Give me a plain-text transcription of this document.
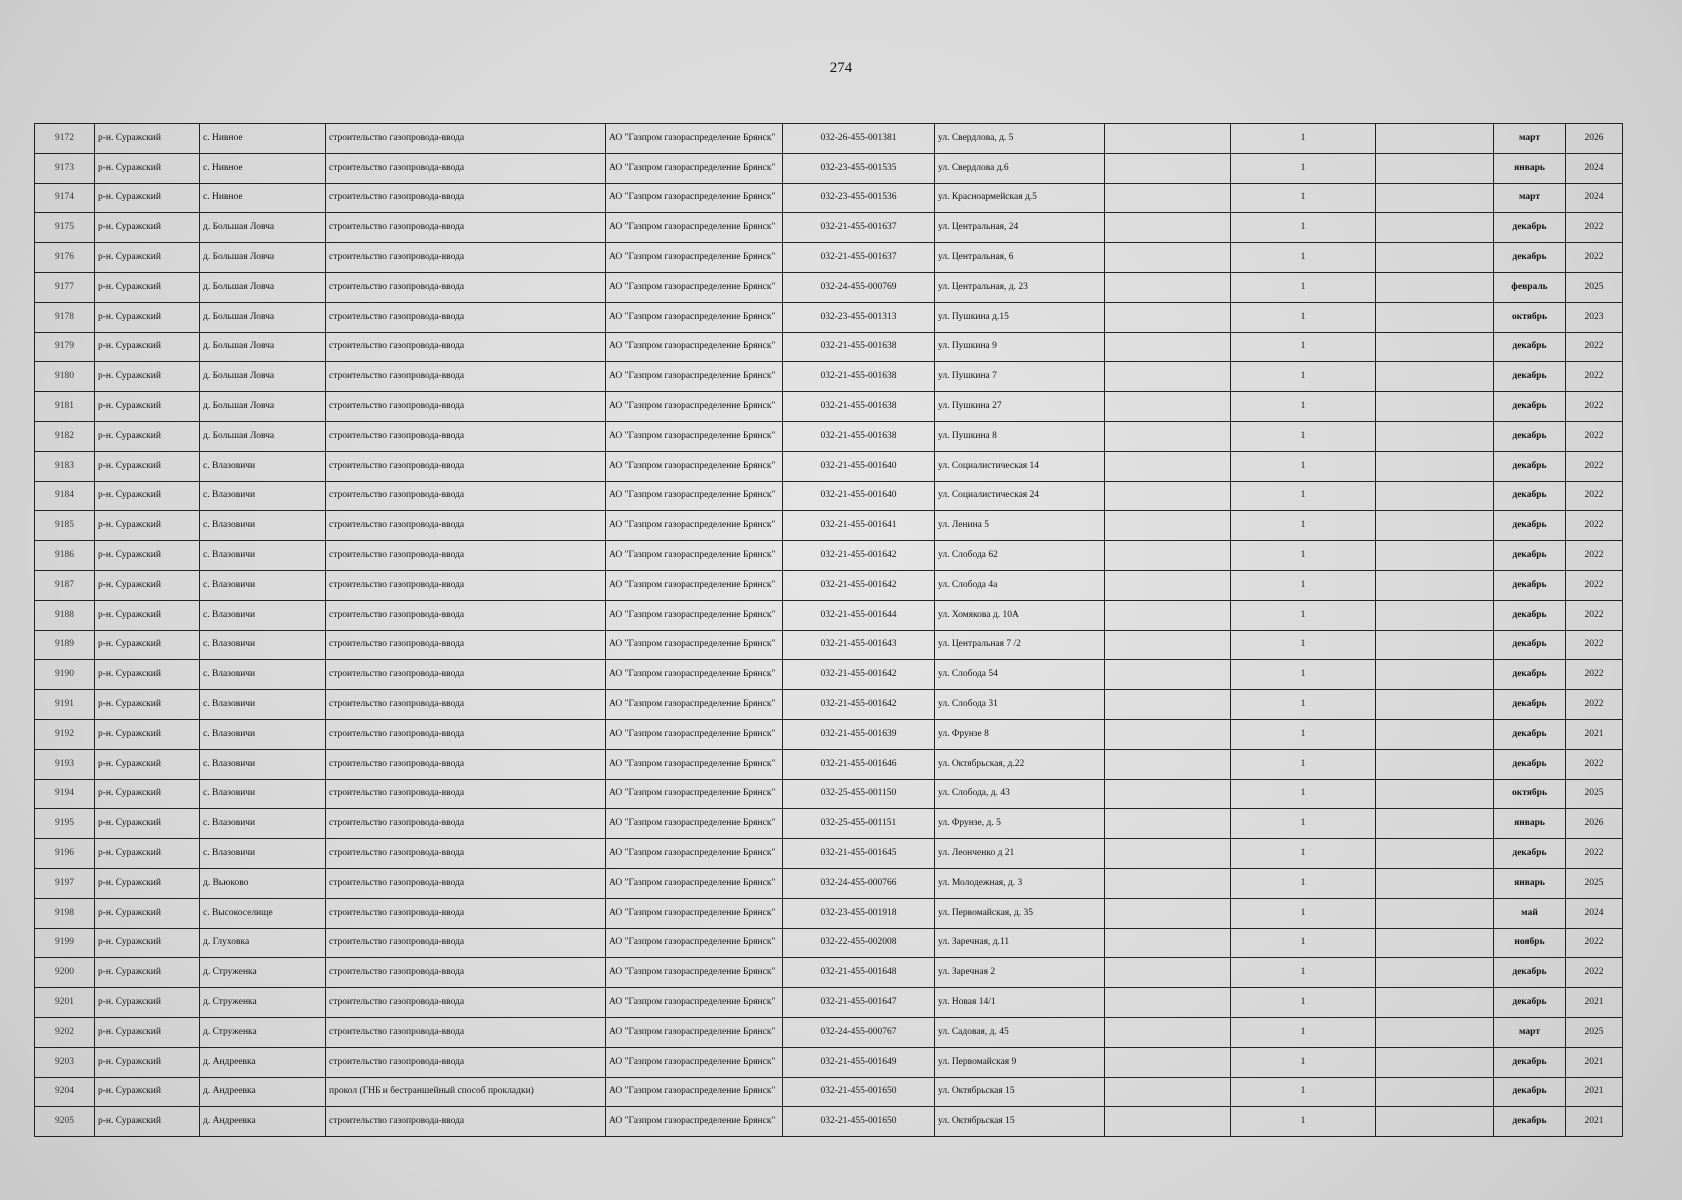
274
9172	р-н. Суражский	с. Нивное	строительство газопровода-ввода	АО "Газпром газораспределение Брянск"	032-26-455-001381	ул. Свердлова, д. 5		1		март	2026
9173	р-н. Суражский	с. Нивное	строительство газопровода-ввода	АО "Газпром газораспределение Брянск"	032-23-455-001535	ул. Свердлова д.6		1		январь	2024
9174	р-н. Суражский	с. Нивное	строительство газопровода-ввода	АО "Газпром газораспределение Брянск"	032-23-455-001536	ул. Красноармейская д.5		1		март	2024
9175	р-н. Суражский	д. Большая Ловча	строительство газопровода-ввода	АО "Газпром газораспределение Брянск"	032-21-455-001637	ул. Центральная, 24		1		декабрь	2022
9176	р-н. Суражский	д. Большая Ловча	строительство газопровода-ввода	АО "Газпром газораспределение Брянск"	032-21-455-001637	ул. Центральная, 6		1		декабрь	2022
9177	р-н. Суражский	д. Большая Ловча	строительство газопровода-ввода	АО "Газпром газораспределение Брянск"	032-24-455-000769	ул. Центральная, д. 23		1		февраль	2025
9178	р-н. Суражский	д. Большая Ловча	строительство газопровода-ввода	АО "Газпром газораспределение Брянск"	032-23-455-001313	ул. Пушкина д.15		1		октябрь	2023
9179	р-н. Суражский	д. Большая Ловча	строительство газопровода-ввода	АО "Газпром газораспределение Брянск"	032-21-455-001638	ул. Пушкина 9		1		декабрь	2022
9180	р-н. Суражский	д. Большая Ловча	строительство газопровода-ввода	АО "Газпром газораспределение Брянск"	032-21-455-001638	ул. Пушкина 7		1		декабрь	2022
9181	р-н. Суражский	д. Большая Ловча	строительство газопровода-ввода	АО "Газпром газораспределение Брянск"	032-21-455-001638	ул. Пушкина 27		1		декабрь	2022
9182	р-н. Суражский	д. Большая Ловча	строительство газопровода-ввода	АО "Газпром газораспределение Брянск"	032-21-455-001638	ул. Пушкина 8		1		декабрь	2022
9183	р-н. Суражский	с. Влазовичи	строительство газопровода-ввода	АО "Газпром газораспределение Брянск"	032-21-455-001640	ул. Социалистическая 14		1		декабрь	2022
9184	р-н. Суражский	с. Влазовичи	строительство газопровода-ввода	АО "Газпром газораспределение Брянск"	032-21-455-001640	ул. Социалистическая 24		1		декабрь	2022
9185	р-н. Суражский	с. Влазовичи	строительство газопровода-ввода	АО "Газпром газораспределение Брянск"	032-21-455-001641	ул. Ленина 5		1		декабрь	2022
9186	р-н. Суражский	с. Влазовичи	строительство газопровода-ввода	АО "Газпром газораспределение Брянск"	032-21-455-001642	ул. Слобода 62		1		декабрь	2022
9187	р-н. Суражский	с. Влазовичи	строительство газопровода-ввода	АО "Газпром газораспределение Брянск"	032-21-455-001642	ул. Слобода 4а		1		декабрь	2022
9188	р-н. Суражский	с. Влазовичи	строительство газопровода-ввода	АО "Газпром газораспределение Брянск"	032-21-455-001644	ул. Хомякова д. 10А		1		декабрь	2022
9189	р-н. Суражский	с. Влазовичи	строительство газопровода-ввода	АО "Газпром газораспределение Брянск"	032-21-455-001643	ул. Центральная 7 /2		1		декабрь	2022
9190	р-н. Суражский	с. Влазовичи	строительство газопровода-ввода	АО "Газпром газораспределение Брянск"	032-21-455-001642	ул. Слобода 54		1		декабрь	2022
9191	р-н. Суражский	с. Влазовичи	строительство газопровода-ввода	АО "Газпром газораспределение Брянск"	032-21-455-001642	ул. Слобода 31		1		декабрь	2022
9192	р-н. Суражский	с. Влазовичи	строительство газопровода-ввода	АО "Газпром газораспределение Брянск"	032-21-455-001639	ул. Фрунзе 8		1		декабрь	2021
9193	р-н. Суражский	с. Влазовичи	строительство газопровода-ввода	АО "Газпром газораспределение Брянск"	032-21-455-001646	ул. Октябрьская, д.22		1		декабрь	2022
9194	р-н. Суражский	с. Влазовичи	строительство газопровода-ввода	АО "Газпром газораспределение Брянск"	032-25-455-001150	ул. Слобода, д. 43		1		октябрь	2025
9195	р-н. Суражский	с. Влазовичи	строительство газопровода-ввода	АО "Газпром газораспределение Брянск"	032-25-455-001151	ул. Фрунзе, д. 5		1		январь	2026
9196	р-н. Суражский	с. Влазовичи	строительство газопровода-ввода	АО "Газпром газораспределение Брянск"	032-21-455-001645	ул. Леонченко д 21		1		декабрь	2022
9197	р-н. Суражский	д. Вьюково	строительство газопровода-ввода	АО "Газпром газораспределение Брянск"	032-24-455-000766	ул. Молодежная, д. 3		1		январь	2025
9198	р-н. Суражский	с. Высокоселище	строительство газопровода-ввода	АО "Газпром газораспределение Брянск"	032-23-455-001918	ул. Первомайская, д. 35		1		май	2024
9199	р-н. Суражский	д. Глуховка	строительство газопровода-ввода	АО "Газпром газораспределение Брянск"	032-22-455-002008	ул. Заречная, д.11		1		ноябрь	2022
9200	р-н. Суражский	д. Струженка	строительство газопровода-ввода	АО "Газпром газораспределение Брянск"	032-21-455-001648	ул. Заречная 2		1		декабрь	2022
9201	р-н. Суражский	д. Струженка	строительство газопровода-ввода	АО "Газпром газораспределение Брянск"	032-21-455-001647	ул. Новая 14/1		1		декабрь	2021
9202	р-н. Суражский	д. Струженка	строительство газопровода-ввода	АО "Газпром газораспределение Брянск"	032-24-455-000767	ул. Садовая, д. 45		1		март	2025
9203	р-н. Суражский	д. Андреевка	строительство газопровода-ввода	АО "Газпром газораспределение Брянск"	032-21-455-001649	ул. Первомайская 9		1		декабрь	2021
9204	р-н. Суражский	д. Андреевка	прокол (ГНБ и бестраншейный способ прокладки)	АО "Газпром газораспределение Брянск"	032-21-455-001650	ул. Октябрьская 15		1		декабрь	2021
9205	р-н. Суражский	д. Андреевка	строительство газопровода-ввода	АО "Газпром газораспределение Брянск"	032-21-455-001650	ул. Октябрьская 15		1		декабрь	2021
